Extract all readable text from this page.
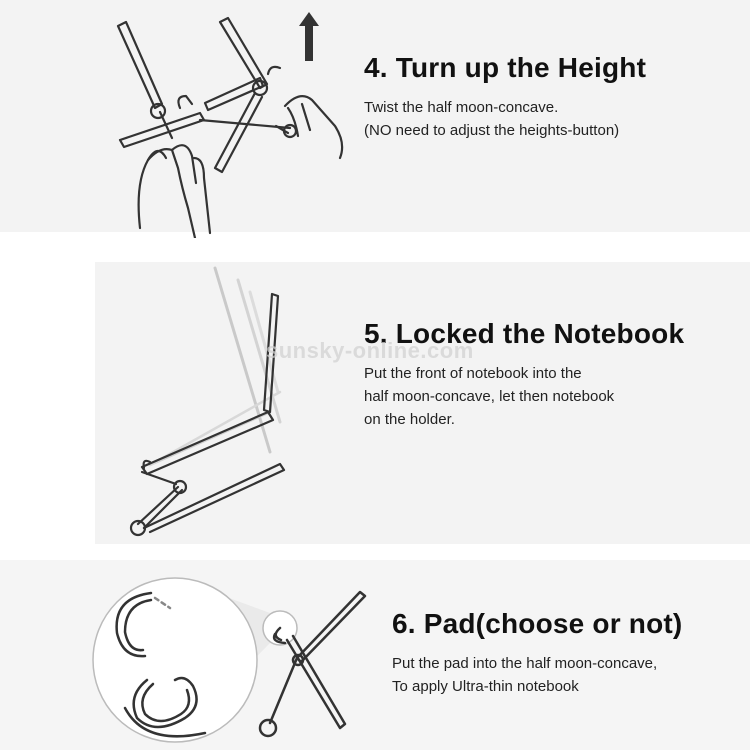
4. Turn up the Height
Twist the half moon-concave.
(NO need to adjust the heights-button)
5. Locked the Notebook
Put the front of notebook into the
half moon-concave, let then notebook
on the holder.
sunsky-online.com
6. Pad(choose or not)
Put the pad into the half moon-concave,
To apply Ultra-thin notebook
